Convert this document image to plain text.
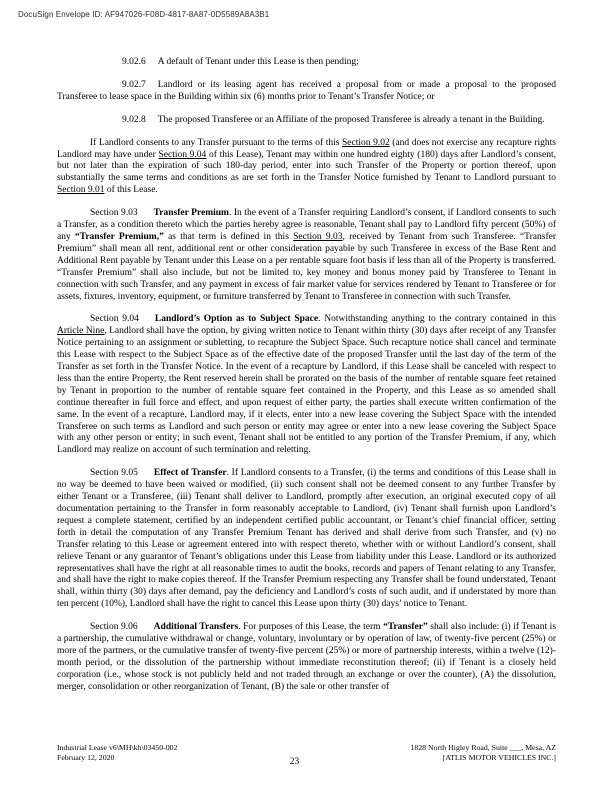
DocuSign Envelope ID: AF947026-F08D-4817-8A87-0D5589A8A3B1

9.02.6 A default of Tenant under this Lease is then pending;

9.02.7 Landlord or its leasing agent has received a proposal from or made a proposal to the proposed Transferee to lease space in the Building within six (6) months prior to Tenant’s Transfer Notice; or

9.02.8 The proposed Transferee or an Affiliate of the proposed Transferee is already a tenant in the Building.

If Landlord consents to any Transfer pursuant to the terms of this Section 9.02 (and does not exercise any recapture rights Landlord may have under Section 9.04 of this Lease), Tenant may within one hundred eighty (180) days after Landlord’s consent, but not later than the expiration of such 180-day period, enter into such Transfer of the Property or portion thereof, upon substantially the same terms and conditions as are set forth in the Transfer Notice furnished by Tenant to Landlord pursuant to Section 9.01 of this Lease.

Section 9.03 Transfer Premium. In the event of a Transfer requiring Landlord’s consent, if Landlord consents to such a Transfer, as a condition thereto which the parties hereby agree is reasonable, Tenant shall pay to Landlord fifty percent (50%) of any “Transfer Premium,” as that term is defined in this Section 9.03, received by Tenant from such Transferee. “Transfer Premium” shall mean all rent, additional rent or other consideration payable by such Transferee in excess of the Base Rent and Additional Rent payable by Tenant under this Lease on a per rentable square foot basis if less than all of the Property is transferred. “Transfer Premium” shall also include, but not be limited to, key money and bonus money paid by Transferee to Tenant in connection with such Transfer, and any payment in excess of fair market value for services rendered by Tenant to Transferee or for assets, fixtures, inventory, equipment, or furniture transferred by Tenant to Transferee in connection with such Transfer.

Section 9.04 Landlord’s Option as to Subject Space. Notwithstanding anything to the contrary contained in this Article Nine, Landlord shall have the option, by giving written notice to Tenant within thirty (30) days after receipt of any Transfer Notice pertaining to an assignment or subletting, to recapture the Subject Space. Such recapture notice shall cancel and terminate this Lease with respect to the Subject Space as of the effective date of the proposed Transfer until the last day of the term of the Transfer as set forth in the Transfer Notice. In the event of a recapture by Landlord, if this Lease shall be canceled with respect to less than the entire Property, the Rent reserved herein shall be prorated on the basis of the number of rentable square feet retained by Tenant in proportion to the number of rentable square feet contained in the Property, and this Lease as so amended shall continue thereafter in full force and effect, and upon request of either party, the parties shall execute written confirmation of the same. In the event of a recapture, Landlord may, if it elects, enter into a new lease covering the Subject Space with the intended Transferee on such terms as Landlord and such person or entity may agree or enter into a new lease covering the Subject Space with any other person or entity; in such event, Tenant shall not be entitled to any portion of the Transfer Premium, if any, which Landlord may realize on account of such termination and reletting.

Section 9.05 Effect of Transfer. If Landlord consents to a Transfer, (i) the terms and conditions of this Lease shall in no way be deemed to have been waived or modified, (ii) such consent shall not be deemed consent to any further Transfer by either Tenant or a Transferee, (iii) Tenant shall deliver to Landlord, promptly after execution, an original executed copy of all documentation pertaining to the Transfer in form reasonably acceptable to Landlord, (iv) Tenant shall furnish upon Landlord’s request a complete statement, certified by an independent certified public accountant, or Tenant’s chief financial officer, setting forth in detail the computation of any Transfer Premium Tenant has derived and shall derive from such Transfer, and (v) no Transfer relating to this Lease or agreement entered into with respect thereto, whether with or without Landlord’s consent, shall relieve Tenant or any guarantor of Tenant’s obligations under this Lease from liability under this Lease. Landlord or its authorized representatives shall have the right at all reasonable times to audit the books, records and papers of Tenant relating to any Transfer, and shall have the right to make copies thereof. If the Transfer Premium respecting any Transfer shall be found understated, Tenant shall, within thirty (30) days after demand, pay the deficiency and Landlord’s costs of such audit, and if understated by more than ten percent (10%), Landlord shall have the right to cancel this Lease upon thirty (30) days’ notice to Tenant.

Section 9.06 Additional Transfers. For purposes of this Lease, the term “Transfer” shall also include: (i) if Tenant is a partnership, the cumulative withdrawal or change, voluntary, involuntary or by operation of law, of twenty-five percent (25%) or more of the partners, or the cumulative transfer of twenty-five percent (25%) or more of partnership interests, within a twelve (12)-month period, or the dissolution of the partnership without immediate reconstitution thereof; (ii) if Tenant is a closely held corporation (i.e., whose stock is not publicly held and not traded through an exchange or over the counter), (A) the dissolution, merger, consolidation or other reorganization of Tenant, (B) the sale or other transfer of

Industrial Lease v6\MH\kh\03450-002
February 12, 2020
1828 North Higley Road, Suite ___, Mesa, AZ
[ATLIS MOTOR VEHICLES INC.]
23
